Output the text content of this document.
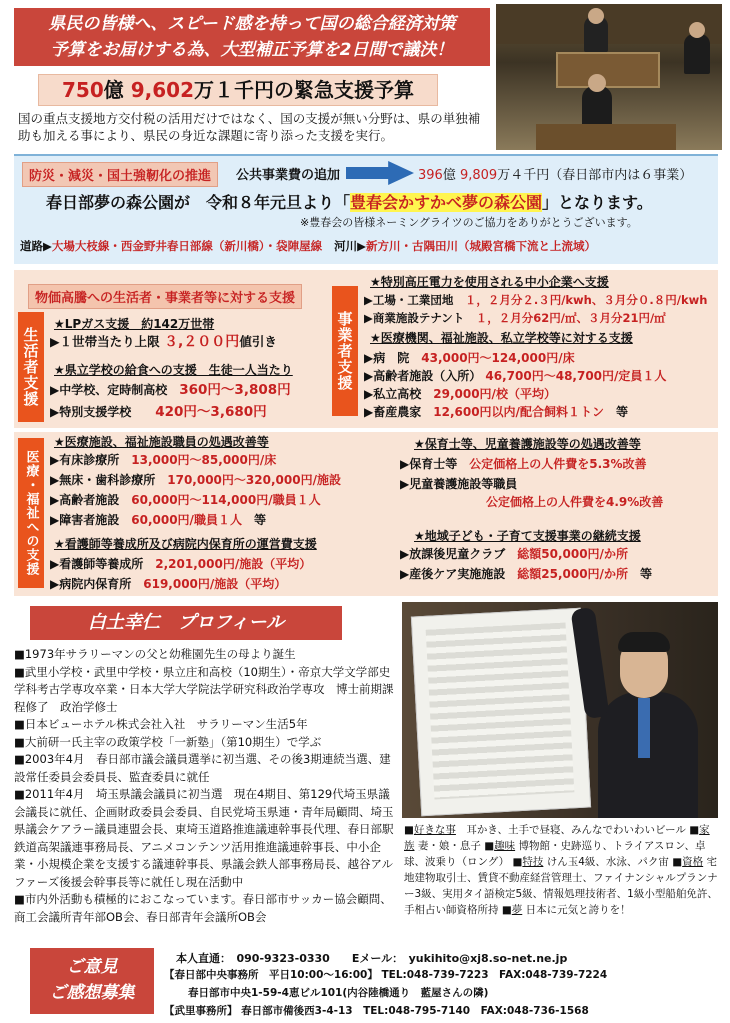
県民の皆様へ、スピード感を持って国の総合経済対策
予算をお届けする為、大型補正予算を2日間で議決！
750億 9,602万１千円の緊急支援予算
国の重点支援地方交付税の活用だけではなく、国の支援が無い分野は、県の単独補助も加える事により、県民の身近な課題に寄り添った支援を実行。
防災・減災・国土強靭化の推進	公共事業費の追加	396億 9,809万４千円（春日部市内は６事業）
春日部夢の森公園が　令和８年元旦より「豊春会かすかべ夢の森公園」となります。
※豊春会の皆様ネーミングライツのご協力をありがとうございます。
道路▶大場大枝線・西金野井春日部線（新川橋）・袋陣屋線 河川▶新方川・古隅田川（城殿宮橋下流と上流域）
物価高騰への生活者・事業者等に対する支援
生活者支援
★LPガス支援　約142万世帯
▶１世帯当たり上限 ３,２００円値引き
★県立学校の給食への支援　生徒一人当たり
▶中学校、定時制高校　 360円〜3,808円
▶特別支援学校　　 420円〜3,680円
事業者支援
★特別高圧電力を使用される中小企業へ支援
▶工場・工業団地　 １，２月分２.３円/kwh、３月分０.８円/kwh
▶商業施設テナント　 １，２月分62円/㎡、３月分21円/㎡
★医療機関、福祉施設、私立学校等に対する支援
▶病　院　 43,000円〜124,000円/床
▶高齢者施設（入所） 46,700円〜48,700円/定員１人
▶私立高校　 29,000円/校（平均）
▶畜産農家　 12,600円以内/配合飼料１トン　 等
医療・福祉への支援
★医療施設、福祉施設職員の処遇改善等
▶有床診療所　 13,000円〜85,000円/床
▶無床・歯科診療所　 170,000円〜320,000円/施設
▶高齢者施設　 60,000円〜114,000円/職員１人
▶障害者施設　 60,000円/職員１人　 等
★看護師等養成所及び病院内保育所の運営費支援
▶看護師等養成所　 2,201,000円/施設（平均）
▶病院内保育所　 619,000円/施設（平均）
★保育士等、児童養護施設等の処遇改善等
▶保育士等　 公定価格上の人件費を5.3%改善
▶児童養護施設等職員
公定価格上の人件費を4.9%改善
★地域子ども・子育て支援事業の継続支援
▶放課後児童クラブ　 総額50,000円/か所
▶産後ケア実施施設　 総額25,000円/か所　 等
白土幸仁　プロフィール
■1973年サラリーマンの父と幼稚園先生の母より誕生
■武里小学校・武里中学校・県立庄和高校（10期生）・帝京大学文学部史学科考古学専攻卒業・日本大学大学院法学研究科政治学専攻　博士前期課程修了　政治学修士
■日本ビューホテル株式会社入社　サラリーマン生活5年
■大前研一氏主宰の政策学校「一新塾」（第10期生）で学ぶ
■2003年4月　春日部市議会議員選挙に初当選、その後3期連続当選、建設常任委員会委員長、監査委員に就任
■2011年4月　埼玉県議会議員に初当選　現在4期目、第129代埼玉県議会議長に就任、企画財政委員会委員、自民党埼玉県連・青年局顧問、埼玉県議会ケアラー議員連盟会長、東埼玉道路推進議連幹事長代理、春日部駅鉄道高架議連事務局長、アニメコンテンツ活用推進議連幹事長、中小企業・小規模企業を支援する議連幹事長、県議会鉄人部事務局長、越谷アルファーズ後援会幹事長等に就任し現在活動中
■市内外活動も積極的におこなっています。春日部市サッカー協会顧問、商工会議所青年部OB会、春日部青年会議所OB会
■好きな事　 耳かき、土手で昼寝、みんなでわいわいビール ■家族 妻・娘・息子 ■趣味 博物館・史跡巡り、トライアスロン、卓球、波乗り（ロング） ■特技 けん玉4級、水泳、パク宙 ■資格 宅地建物取引士、賃貸不動産経営管理士、ファイナンシャルプランナー3級、実用タイ語検定5級、情報処理技術者、1級小型船舶免許、手相占い師資格所持 ■夢 日本に元気と誇りを！
ご意見
ご感想募集
本人直通：　090-9323-0330　　Eメール：　yukihito@xj8.so-net.ne.jp
【春日部中央事務所　平日10:00〜16:00】 TEL:048-739-7223　FAX:048-739-7224
春日部市中央1-59-4恵ビル101(内谷陸橋通り　藍屋さんの隣)
【武里事務所】 春日部市備後西3-4-13　TEL:048-795-7140　FAX:048-736-1568
